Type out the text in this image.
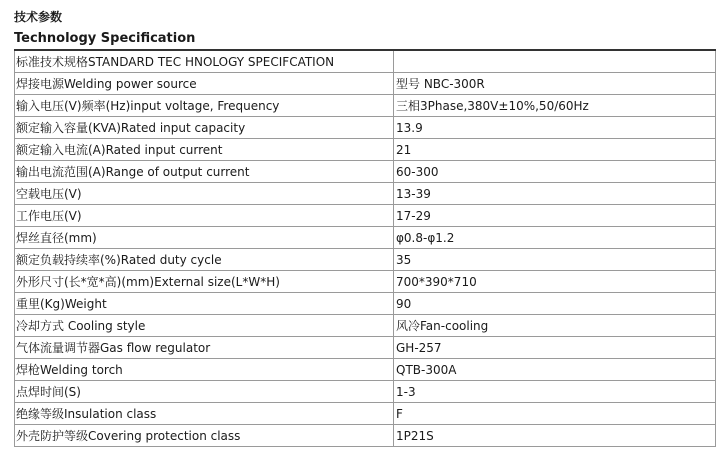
技术参数
Technology Specification
标准技术规格STANDARD TEC HNOLOGY SPECIFCATION	
焊接电源Welding power source	型号 NBC-300R
输入电压(V)频率(Hz)input voltage, Frequency	三相3Phase,380V±10%,50/60Hz
额定输入容量(KVA)Rated input capacity	13.9
额定输入电流(A)Rated input current	21
输出电流范围(A)Range of output current	60-300
空载电压(V)	13-39
工作电压(V)	17-29
焊丝直径(mm)	φ0.8-φ1.2
额定负载持续率(%)Rated duty cycle	35
外形尺寸(长*宽*高)(mm)External size(L*W*H)	700*390*710
重里(Kg)Weight	90
冷却方式 Cooling style	风冷Fan-cooling
气体流量调节器Gas flow regulator	GH-257
焊枪Welding torch	QTB-300A
点焊时间(S)	1-3
绝缘等级Insulation class	F
外壳防护等级Covering protection class	1P21S
